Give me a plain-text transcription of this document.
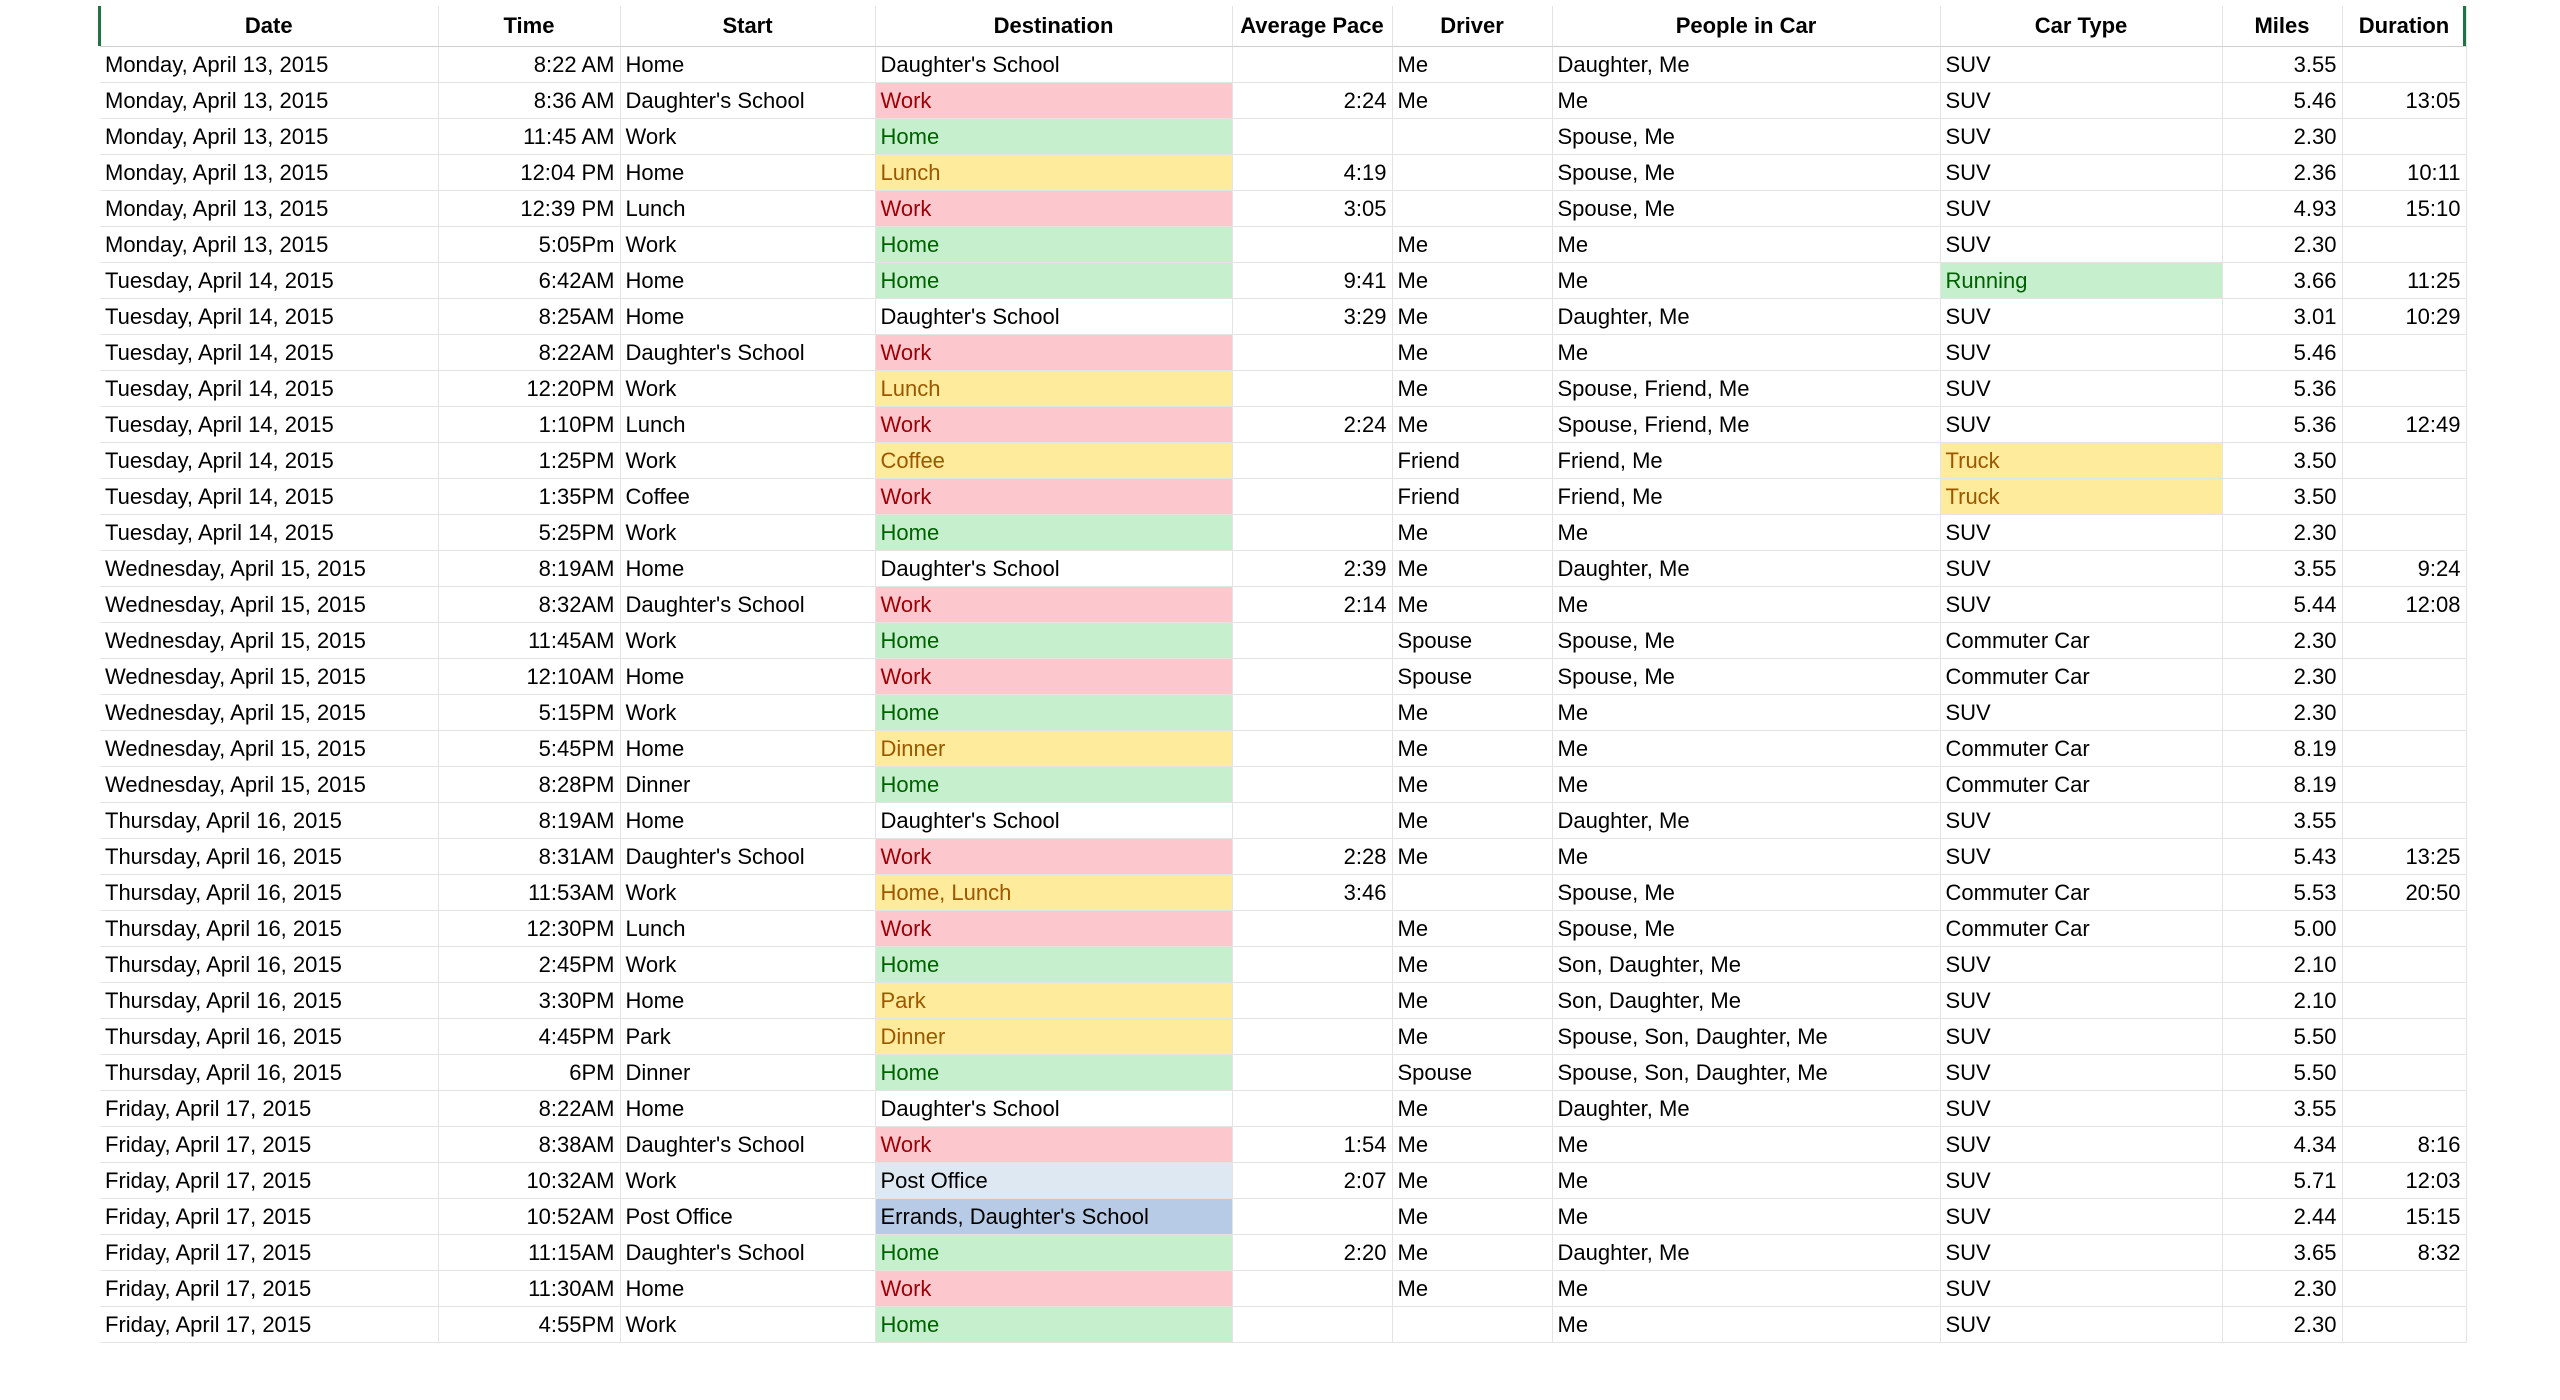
Date	Time	Start	Destination	Average Pace	Driver	People in Car	Car Type	Miles	Duration
Monday, April 13, 2015	8:22 AM	Home	Daughter's School		Me	Daughter, Me	SUV	3.55	
Monday, April 13, 2015	8:36 AM	Daughter's School	Work	2:24	Me	Me	SUV	5.46	13:05
Monday, April 13, 2015	11:45 AM	Work	Home			Spouse, Me	SUV	2.30	
Monday, April 13, 2015	12:04 PM	Home	Lunch	4:19		Spouse, Me	SUV	2.36	10:11
Monday, April 13, 2015	12:39 PM	Lunch	Work	3:05		Spouse, Me	SUV	4.93	15:10
Monday, April 13, 2015	5:05Pm	Work	Home		Me	Me	SUV	2.30	
Tuesday, April 14, 2015	6:42AM	Home	Home	9:41	Me	Me	Running	3.66	11:25
Tuesday, April 14, 2015	8:25AM	Home	Daughter's School	3:29	Me	Daughter, Me	SUV	3.01	10:29
Tuesday, April 14, 2015	8:22AM	Daughter's School	Work		Me	Me	SUV	5.46	
Tuesday, April 14, 2015	12:20PM	Work	Lunch		Me	Spouse, Friend, Me	SUV	5.36	
Tuesday, April 14, 2015	1:10PM	Lunch	Work	2:24	Me	Spouse, Friend, Me	SUV	5.36	12:49
Tuesday, April 14, 2015	1:25PM	Work	Coffee		Friend	Friend, Me	Truck	3.50	
Tuesday, April 14, 2015	1:35PM	Coffee	Work		Friend	Friend, Me	Truck	3.50	
Tuesday, April 14, 2015	5:25PM	Work	Home		Me	Me	SUV	2.30	
Wednesday, April 15, 2015	8:19AM	Home	Daughter's School	2:39	Me	Daughter, Me	SUV	3.55	9:24
Wednesday, April 15, 2015	8:32AM	Daughter's School	Work	2:14	Me	Me	SUV	5.44	12:08
Wednesday, April 15, 2015	11:45AM	Work	Home		Spouse	Spouse, Me	Commuter Car	2.30	
Wednesday, April 15, 2015	12:10AM	Home	Work		Spouse	Spouse, Me	Commuter Car	2.30	
Wednesday, April 15, 2015	5:15PM	Work	Home		Me	Me	SUV	2.30	
Wednesday, April 15, 2015	5:45PM	Home	Dinner		Me	Me	Commuter Car	8.19	
Wednesday, April 15, 2015	8:28PM	Dinner	Home		Me	Me	Commuter Car	8.19	
Thursday, April 16, 2015	8:19AM	Home	Daughter's School		Me	Daughter, Me	SUV	3.55	
Thursday, April 16, 2015	8:31AM	Daughter's School	Work	2:28	Me	Me	SUV	5.43	13:25
Thursday, April 16, 2015	11:53AM	Work	Home, Lunch	3:46		Spouse, Me	Commuter Car	5.53	20:50
Thursday, April 16, 2015	12:30PM	Lunch	Work		Me	Spouse, Me	Commuter Car	5.00	
Thursday, April 16, 2015	2:45PM	Work	Home		Me	Son, Daughter, Me	SUV	2.10	
Thursday, April 16, 2015	3:30PM	Home	Park		Me	Son, Daughter, Me	SUV	2.10	
Thursday, April 16, 2015	4:45PM	Park	Dinner		Me	Spouse, Son, Daughter, Me	SUV	5.50	
Thursday, April 16, 2015	6PM	Dinner	Home		Spouse	Spouse, Son, Daughter, Me	SUV	5.50	
Friday, April 17, 2015	8:22AM	Home	Daughter's School		Me	Daughter, Me	SUV	3.55	
Friday, April 17, 2015	8:38AM	Daughter's School	Work	1:54	Me	Me	SUV	4.34	8:16
Friday, April 17, 2015	10:32AM	Work	Post Office	2:07	Me	Me	SUV	5.71	12:03
Friday, April 17, 2015	10:52AM	Post Office	Errands, Daughter's School		Me	Me	SUV	2.44	15:15
Friday, April 17, 2015	11:15AM	Daughter's School	Home	2:20	Me	Daughter, Me	SUV	3.65	8:32
Friday, April 17, 2015	11:30AM	Home	Work		Me	Me	SUV	2.30	
Friday, April 17, 2015	4:55PM	Work	Home			Me	SUV	2.30	
